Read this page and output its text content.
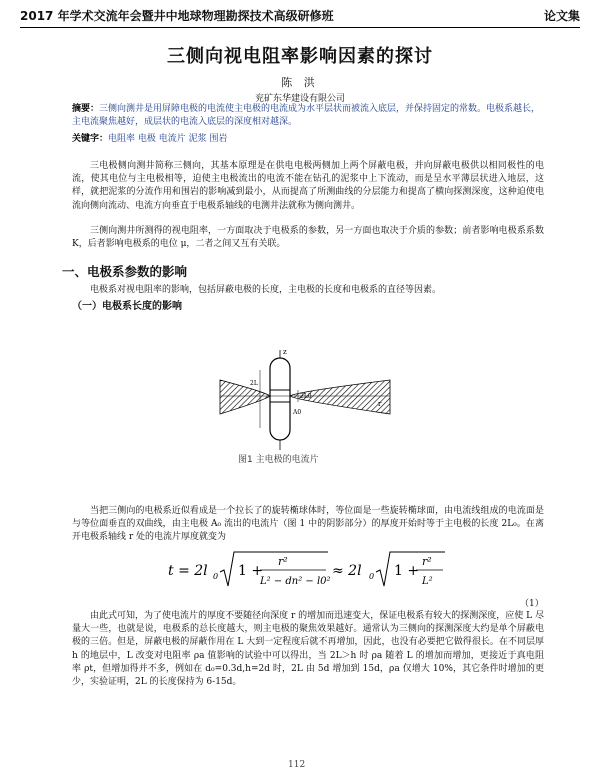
2017 年学术交流年会暨井中地球物理勘探技术高级研修班	论文集
三侧向视电阻率影响因素的探讨
陈 洪
兖矿东华建设有限公司
摘要：三侧向测井是用屏障电极的电流使主电极的电流成为水平层状而被流入底层，并保持固定的常数。电极系越长，主电流聚焦越好，成层状的电流入底层的深度相对越深。
关键字：电阻率 电极 电流片 泥浆 围岩
三电极侧向测井简称三侧向，其基本原理是在供电电极两侧加上两个屏蔽电极，并向屏蔽电极供以相同极性的电流，使其电位与主电极相等，迫使主电极流出的电流不能在钻孔的泥浆中上下流动，而是呈水平薄层状进入地层，这样，就把泥浆的分流作用和围岩的影响减到最小，从而提高了所测曲线的分层能力和提高了横向探测深度，这种迫使电流向侧向流动、电流方向垂直于电极系轴线的电测井法就称为侧向测井。
三侧向测井所测得的视电阻率，一方面取决于电极系的参数，另一方面也取决于介质的参数；前者影响电极系系数 K，后者影响电极系的电位 μ，二者之间又互有关联。
一、电极系参数的影响
电极系对视电阻率的影响，包括屏蔽电极的长度，主电极的长度和电极系的直径等因素。
（一）电极系长度的影响
z
2L
2L0
r
A0
图1 主电极的电流片
当把三侧向的电极系近似看成是一个拉长了的旋转椭球体时，等位面是一些旋转椭球面，由电流线组成的电流面是与等位面垂直的双曲线，由主电极 A₀ 流出的电流片（图 1 中的阴影部分）的厚度开始时等于主电极的长度 2L₀。在离开电极系轴线 r 处的电流片厚度就变为
t = 2l 0 1 +
r²
L² − dn² − l0²
≈ 2l 0 1 +
r²
L²
（1）
由此式可知，为了使电流片的厚度不要随径向深度 r 的增加而迅速变大，保证电极系有较大的探测深度，应使 L 尽量大一些，也就是说，电极系的总长度越大，则主电极的聚焦效果越好。通常认为三侧向的探测深度大约是单个屏蔽电极的三倍。但是，屏蔽电极的屏蔽作用在 L 大到一定程度后就不再增加，因此，也没有必要把它做得很长。在不同层厚 h 的地层中，L 改变对电阻率 ρa 值影响的试验中可以得出，当 2L＞h 时 ρa 随着 L 的增加而增加，更接近于真电阻率 ρt，但增加得并不多，例如在 d₀=0.3d,h=2d 时，2L 由 5d 增加到 15d，ρa 仅增大 10%，其它条件时增加的更少，实验证明，2L 的长度保持为 6-15d。
112
